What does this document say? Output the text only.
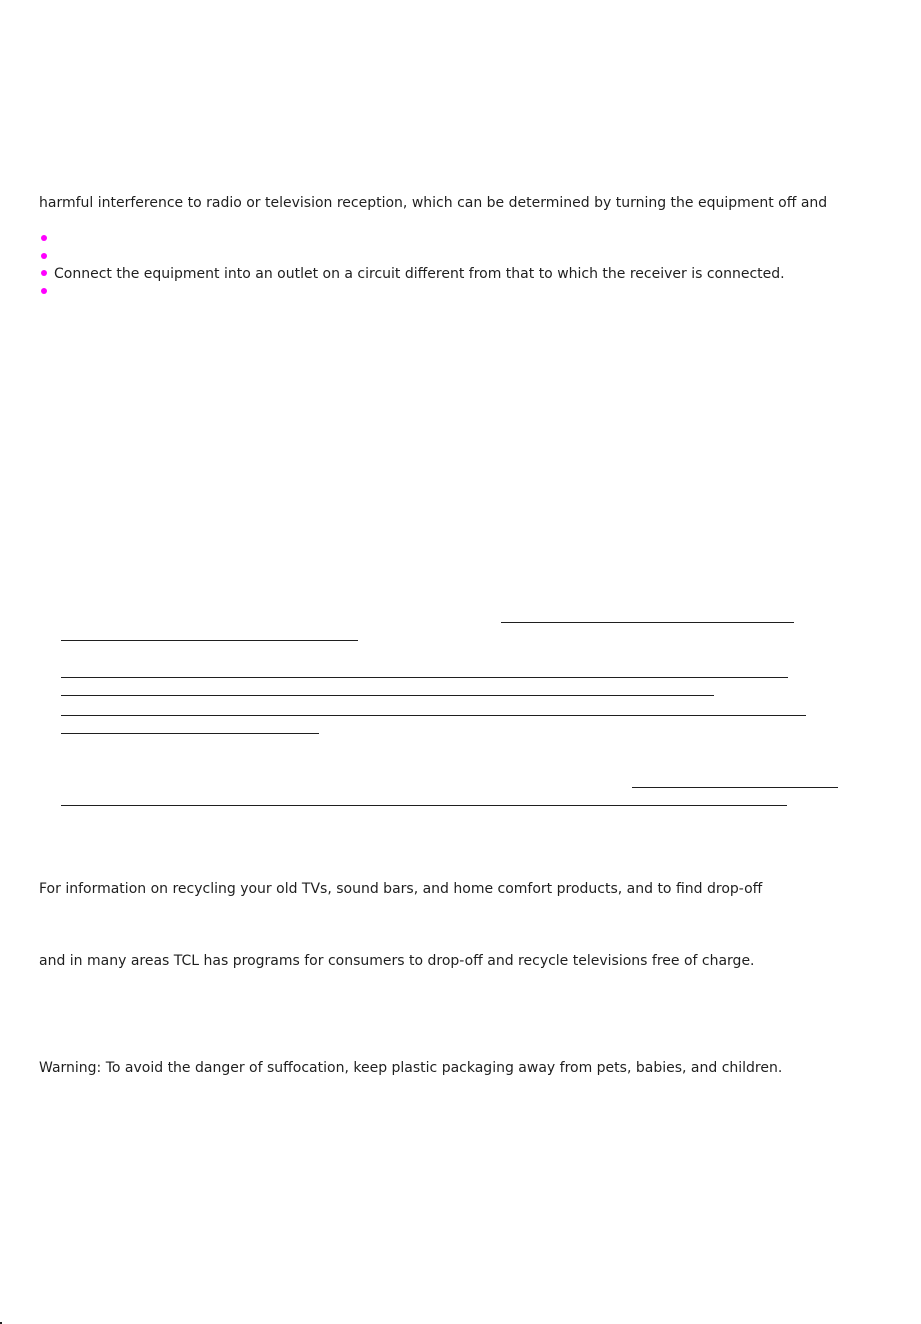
harmful interference to radio or television reception, which can be determined by turning the equipment off and

Connect the equipment into an outlet on a circuit different from that to which the receiver is connected.

For information on recycling your old TVs, sound bars, and home comfort products, and to find drop-off

and in many areas TCL has programs for consumers to drop-off and recycle televisions free of charge.

Warning: To avoid the danger of suffocation, keep plastic packaging away from pets, babies, and children.
